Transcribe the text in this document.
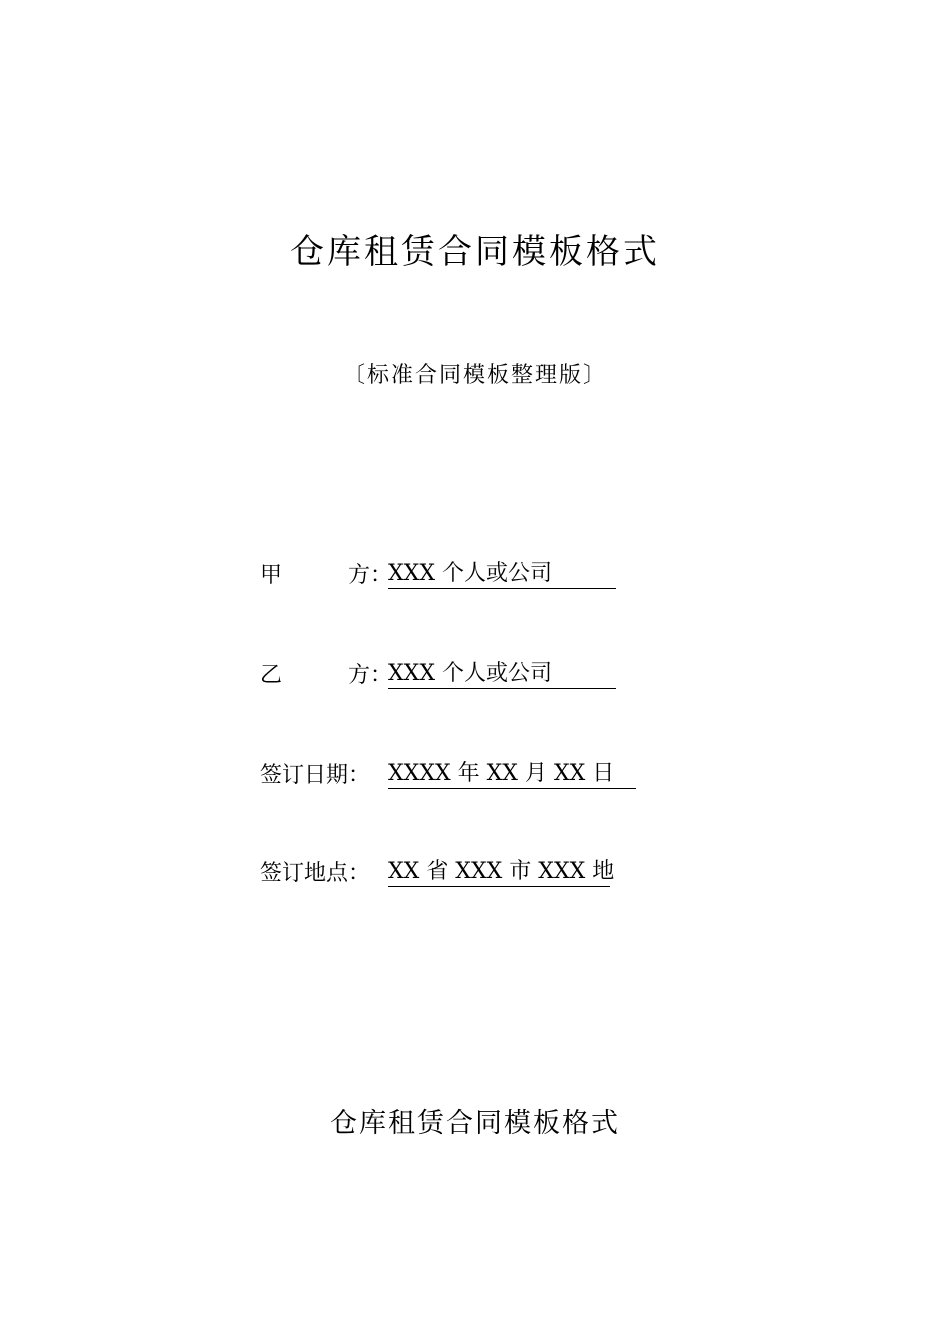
仓库租赁合同模板格式
〔标准合同模板整理版〕
甲　　　方：XXX 个人或公司
乙　　　方：XXX 个人或公司
签订日期：XXXX 年 XX 月 XX 日
签订地点： XX 省 XXX 市 XXX 地
仓库租赁合同模板格式
